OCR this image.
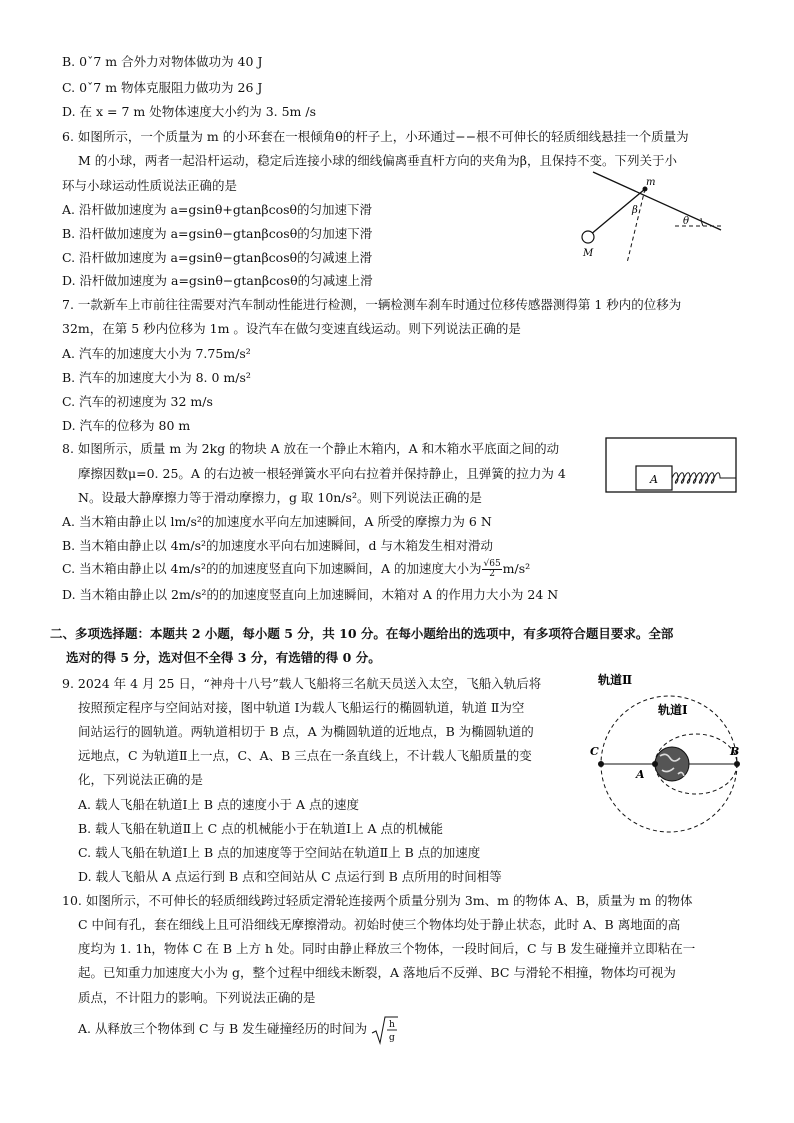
B. 0ˇ7 m 合外力对物体做功为 40 J
C. 0ˇ7 m 物体克服阻力做功为 26 J
D. 在 x = 7 m 处物体速度大小约为 3. 5m /s
6. 如图所示，一个质量为 m 的小环套在一根倾角θ的杆子上，小环通过−−根不可伸长的轻质细线悬挂一个质量为
M 的小球，两者一起沿杆运动，稳定后连接小球的细线偏离垂直杆方向的夹角为β，且保持不变。下列关于小
环与小球运动性质说法正确的是
A. 沿杆做加速度为 a=gsinθ+gtanβcosθ的匀加速下滑
B. 沿杆做加速度为 a=gsinθ−gtanβcosθ的匀加速下滑
C. 沿杆做加速度为 a=gsinθ−gtanβcosθ的匀减速上滑
D. 沿杆做加速度为 a=gsinθ−gtanβcosθ的匀减速上滑
m
M
β
θ
7. 一款新车上市前往往需要对汽车制动性能进行检测，一辆检测车刹车时通过位移传感器测得第 1 秒内的位移为
32m，在第 5 秒内位移为 1m 。设汽车在做匀变速直线运动。则下列说法正确的是
A. 汽车的加速度大小为 7.75m/s²
B. 汽车的加速度大小为 8. 0 m/s²
C. 汽车的初速度为 32 m/s
D. 汽车的位移为 80 m
8. 如图所示，质量 m 为 2kg 的物块 A 放在一个静止木箱内，A 和木箱水平底面之间的动
摩擦因数μ=0. 25。A 的右边被一根轻弹簧水平向右拉着并保持静止，且弹簧的拉力为 4
N。设最大静摩擦力等于滑动摩擦力，g 取 10n/s²。则下列说法正确的是
A
A. 当木箱由静止以 lm/s²的加速度水平向左加速瞬间，A 所受的摩擦力为 6 N
B. 当木箱由静止以 4m/s²的加速度水平向右加速瞬间，d 与木箱发生相对滑动
C. 当木箱由静止以 4m/s²的的加速度竖直向下加速瞬间，A 的加速度大小为 $\frac{√65}{2} m/s^2$
D. 当木箱由静止以 2m/s²的的加速度竖直向上加速瞬间，木箱对 A 的作用力大小为 24 N
二、多项选择题：本题共 2 小题，每小题 5 分，共 10 分。在每小题给出的选项中，有多项符合题目要求。全部
选对的得 5 分，选对但不全得 3 分，有选错的得 0 分。
9. 2024 年 4 月 25 日，“神舟十八号”载人飞船将三名航天员送入太空，飞船入轨后将
按照预定程序与空间站对接，图中轨道 Ⅰ为载人飞船运行的椭圆轨道，轨道 Ⅱ为空
间站运行的圆轨道。两轨道相切于 B 点，A 为椭圆轨道的近地点，B 为椭圆轨道的
远地点，C 为轨道Ⅱ上一点，C、A、B 三点在一条直线上，不计载人飞船质量的变
化，下列说法正确的是
A. 载人飞船在轨道Ⅰ上 B 点的速度小于 A 点的速度
B. 载人飞船在轨道Ⅱ上 C 点的机械能小于在轨道Ⅰ上 A 点的机械能
C. 载人飞船在轨道Ⅰ上 B 点的加速度等于空间站在轨道Ⅱ上 B 点的加速度
D. 载人飞船从 A 点运行到 B 点和空间站从 C 点运行到 B 点所用的时间相等
轨道Ⅱ
轨道Ⅰ
A
B
C
10. 如图所示，不可伸长的轻质细线跨过轻质定滑轮连接两个质量分别为 3m、m 的物体 A、B，质量为 m 的物体
C 中间有孔，套在细线上且可沿细线无摩擦滑动。初始时使三个物体均处于静止状态，此时 A、B 离地面的高
度均为 1. 1h，物体 C 在 B 上方 h 处。同时由静止释放三个物体，一段时间后，C 与 B 发生碰撞并立即粘在一
起。已知重力加速度大小为 g，整个过程中细线未断裂，A 落地后不反弹、BC 与滑轮不相撞，物体均可视为
质点，不计阻力的影响。下列说法正确的是
A. 从释放三个物体到 C 与 B 发生碰撞经历的时间为 h
g
